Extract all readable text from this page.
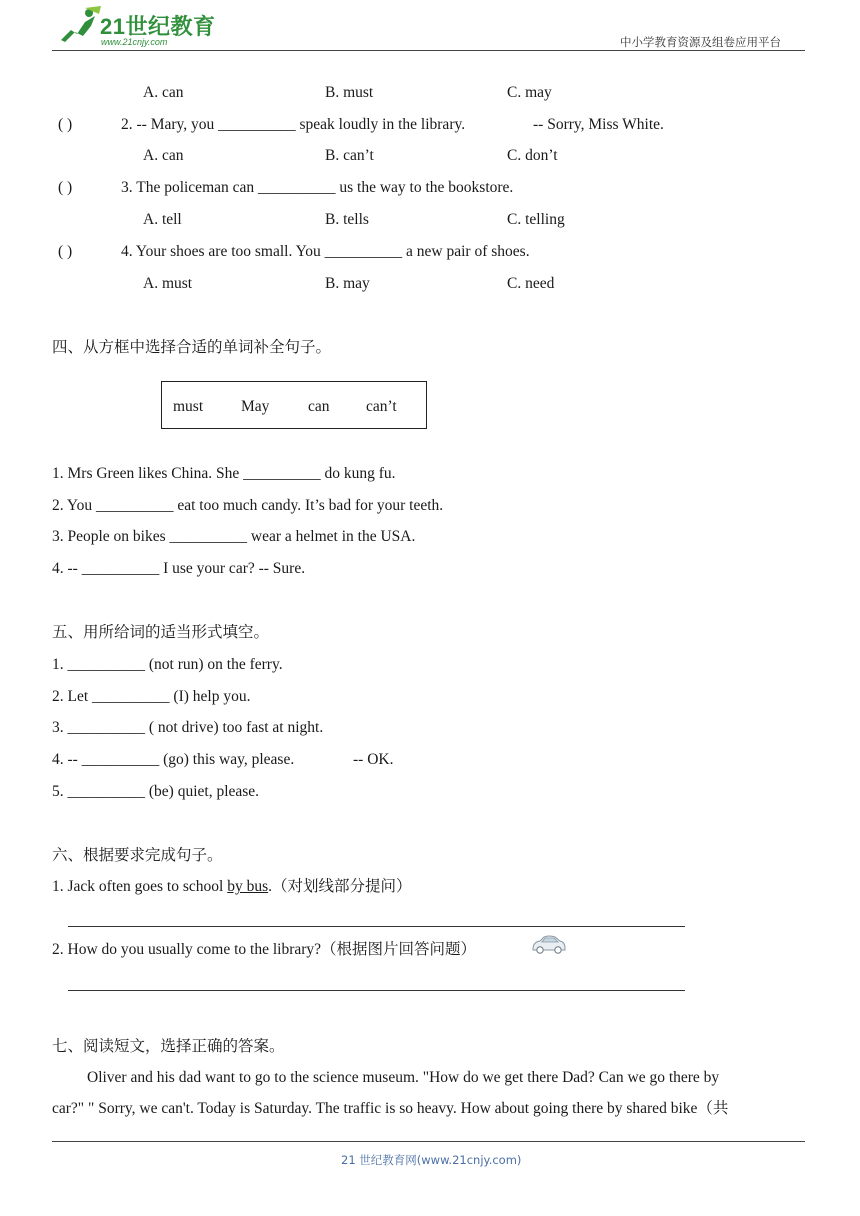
21世纪教育
www.21cnjy.com	中小学教育资源及组卷应用平台
A. can	B. must	C. may
( )	2. -- Mary, you __________ speak loudly in the library.	-- Sorry, Miss White.
A. can	B. can’t	C. don’t
( )	3. The policeman can __________ us the way to the bookstore.
A. tell	B. tells	C. telling
( )	4. Your shoes are too small. You __________ a new pair of shoes.
A. must	B. may	C. need
四、从方框中选择合适的单词补全句子。
must May can can’t
1. Mrs Green likes China. She __________ do kung fu.
2. You __________ eat too much candy. It’s bad for your teeth.
3. People on bikes __________ wear a helmet in the USA.
4. -- __________ I use your car? -- Sure.
五、用所给词的适当形式填空。
1. __________ (not run) on the ferry.
2. Let __________ (I) help you.
3. __________ ( not drive) too fast at night.
4. -- __________ (go) this way, please.	-- OK.
5. __________ (be) quiet, please.
六、根据要求完成句子。
1. Jack often goes to school by bus.（对划线部分提问）
2. How do you usually come to the library?（根据图片回答问题）
七、阅读短文，选择正确的答案。
Oliver and his dad want to go to the science museum. "How do we get there Dad? Can we go there by
car?" " Sorry, we can't. Today is Saturday. The traffic is so heavy. How about going there by shared bike（共
21 世纪教育网(www.21cnjy.com)
